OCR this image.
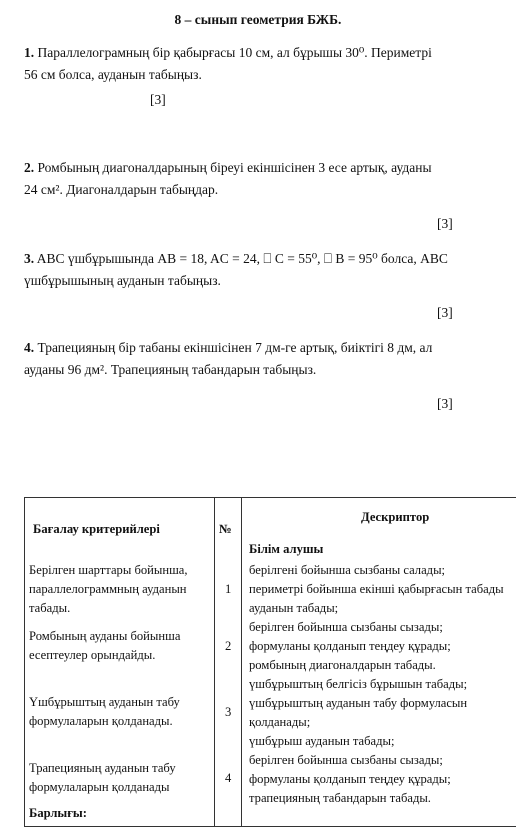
8 – сынып геометрия БЖБ.
1. Параллелограмның бір қабырғасы 10 см, ал бұрышы 30⁰. Периметрі
56 см болса, ауданын табыңыз.
[3]
2. Ромбының диагоналдарының біреуі екіншісінен 3 есе артық, ауданы
24 см². Диагоналдарын табыңдар.
[3]
3. ABC үшбұрышында AB = 18, AC = 24, ⎕ C = 55⁰, ⎕ B = 95⁰ болса, ABC
үшбұрышының ауданын табыңыз.
[3]
4. Трапецияның бір табаны екіншісінен 7 дм-ге артық, биіктігі 8 дм, ал
ауданы 96 дм². Трапецияның табандарын табыңыз.
[3]
Бағалау критерийлері	№
Дескриптор
Білім алушы
Берілген шарттары бойынша,
параллелограммның ауданын
табады.
1
берілгені бойынша сызбаны салады;
периметрі бойынша екінші қабырғасын табады
ауданын табады;
Ромбының ауданы бойынша
есептеулер орындайды.
2
берілген бойынша сызбаны сызады;
формуланы қолданып теңдеу құрады;
ромбының диагоналдарын табады.
Үшбұрыштың ауданын табу
формулаларын қолданады.
3
үшбұрыштың белгісіз бұрышын табады;
үшбұрыштың ауданын табу формуласын
қолданады;
үшбұрыш ауданын табады;
Трапецияның ауданын табу
формулаларын қолданады
4
берілген бойынша сызбаны сызады;
формуланы қолданып теңдеу құрады;
трапецияның табандарын табады.
Барлығы:
